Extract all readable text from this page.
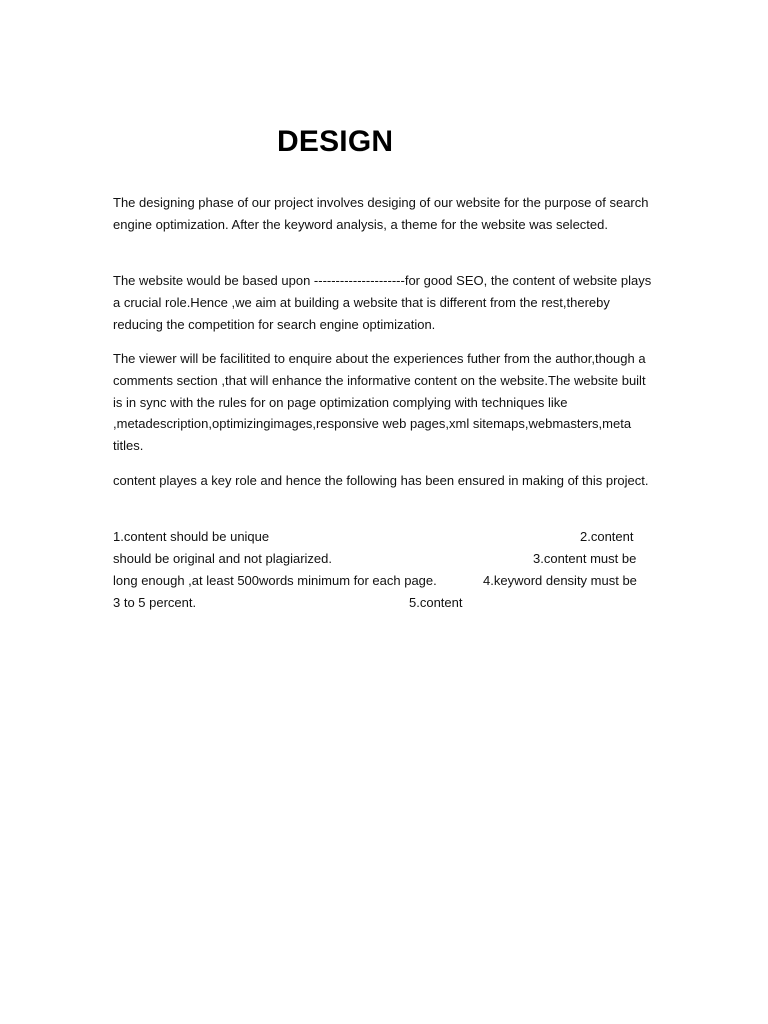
DESIGN

The designing phase of our project involves desiging of our website for the purpose of search engine optimization. After the keyword analysis, a theme for the website was selected.

The website would be based upon ---------------------for good SEO, the content of website plays a crucial role.Hence ,we aim at building a website that is different from the rest,thereby reducing the competition for search engine optimization.

The viewer will be facilitited to enquire about the experiences futher from the author,though a comments section ,that will enhance the informative content on the website.The website built is in sync with the rules for on page optimization complying with techniques like ,metadescription,optimizingimages,responsive web pages,xml sitemaps,webmasters,meta titles.

content playes a key role and hence the following has been ensured in making of this project.

1.content should be unique	2.content
should be original and not plagiarized.	3.content must be
long enough ,at least 500words minimum for each page.	4.keyword density must be
3 to 5 percent.	5.content
